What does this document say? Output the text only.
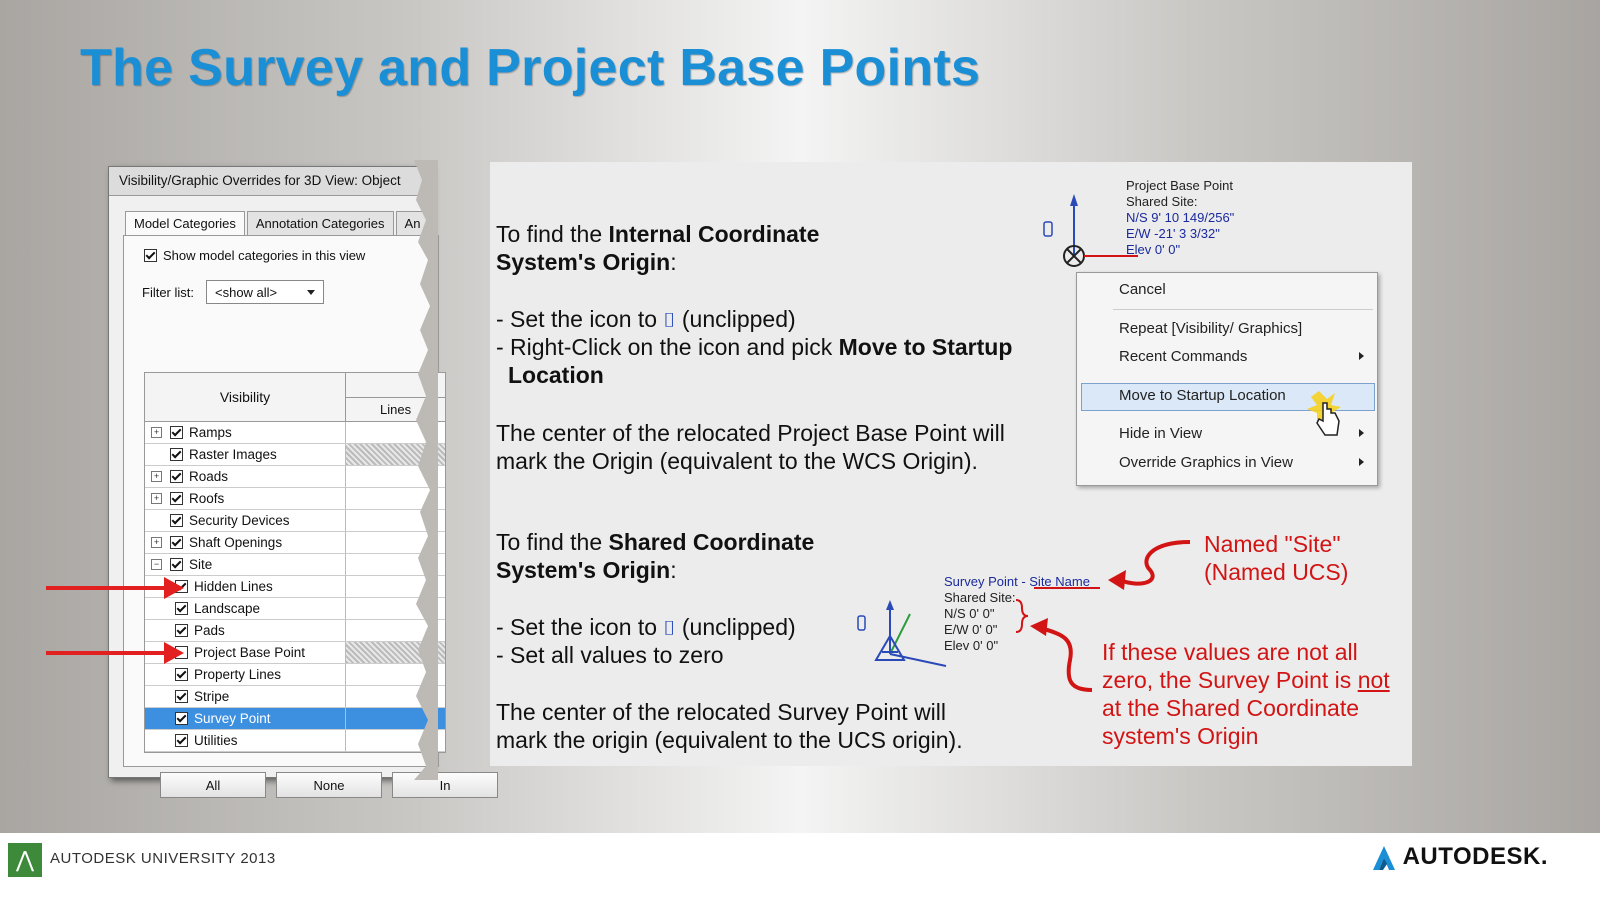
The Survey and Project Base Points
Visibility/Graphic Overrides for 3D View: Object
Model Categories	Annotation Categories	An
Show model categories in this view
Filter list: <show all>
Visibility
Lines
+ Ramps
Raster Images
+ Roads
+ Roofs
Security Devices
+ Shaft Openings
− Site
Hidden Lines
Landscape
Pads
Project Base Point
Property Lines
Stripe
Survey Point
Utilities
All	None	In
To find the Internal Coordinate
System's Origin:
- Set the icon to ⌷ (unclipped)
- Right-Click on the icon and pick Move to Startup
Location
The center of the relocated Project Base Point will
mark the Origin (equivalent to the WCS Origin).
To find the Shared Coordinate
System's Origin:
- Set the icon to ⌷ (unclipped)
- Set all values to zero
The center of the relocated Survey Point will
mark the origin (equivalent to the UCS origin).
Project Base Point
Shared Site:
N/S 9' 10 149/256"
E/W -21' 3 3/32"
Elev 0' 0"
Cancel
Repeat [Visibility/ Graphics]
Recent Commands
Move to Startup Location
Hide in View
Override Graphics in View
Survey Point - Site Name
Shared Site:
N/S 0' 0"
E/W 0' 0"
Elev 0' 0"
Named "Site"
(Named UCS)
If these values are not all
zero, the Survey Point is not
at the Shared Coordinate
system's Origin
⋀	AUTODESK UNIVERSITY 2013	AUTODESK.
